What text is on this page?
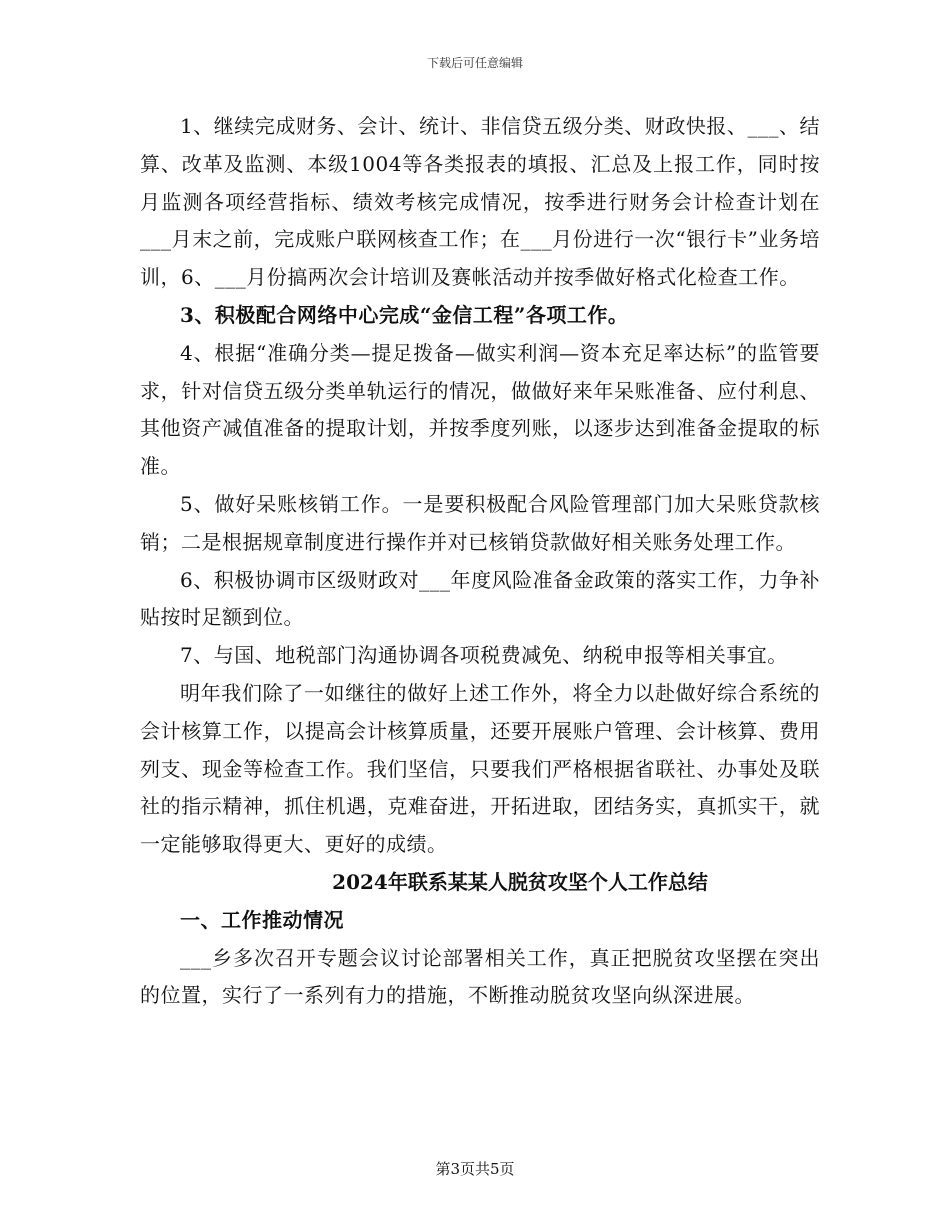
下载后可任意编辑

1、继续完成财务、会计、统计、非信贷五级分类、财政快报、___、结算、改革及监测、本级1004等各类报表的填报、汇总及上报工作，同时按月监测各项经营指标、绩效考核完成情况，按季进行财务会计检查计划在___月末之前，完成账户联网核查工作；在___月份进行一次“银行卡”业务培训，6、___月份搞两次会计培训及赛帐活动并按季做好格式化检查工作。

3、积极配合网络中心完成“金信工程”各项工作。

4、根据“准确分类—提足拨备—做实利润—资本充足率达标”的监管要求，针对信贷五级分类单轨运行的情况，做做好来年呆账准备、应付利息、其他资产减值准备的提取计划，并按季度列账，以逐步达到准备金提取的标准。

5、做好呆账核销工作。一是要积极配合风险管理部门加大呆账贷款核销；二是根据规章制度进行操作并对已核销贷款做好相关账务处理工作。

6、积极协调市区级财政对___年度风险准备金政策的落实工作，力争补贴按时足额到位。

7、与国、地税部门沟通协调各项税费减免、纳税申报等相关事宜。

明年我们除了一如继往的做好上述工作外，将全力以赴做好综合系统的会计核算工作，以提高会计核算质量，还要开展账户管理、会计核算、费用列支、现金等检查工作。我们坚信，只要我们严格根据省联社、办事处及联社的指示精神，抓住机遇，克难奋进，开拓进取，团结务实，真抓实干，就一定能够取得更大、更好的成绩。

2024年联系某某人脱贫攻坚个人工作总结

一、工作推动情况

___乡多次召开专题会议讨论部署相关工作，真正把脱贫攻坚摆在突出的位置，实行了一系列有力的措施，不断推动脱贫攻坚向纵深进展。

第3页共5页
